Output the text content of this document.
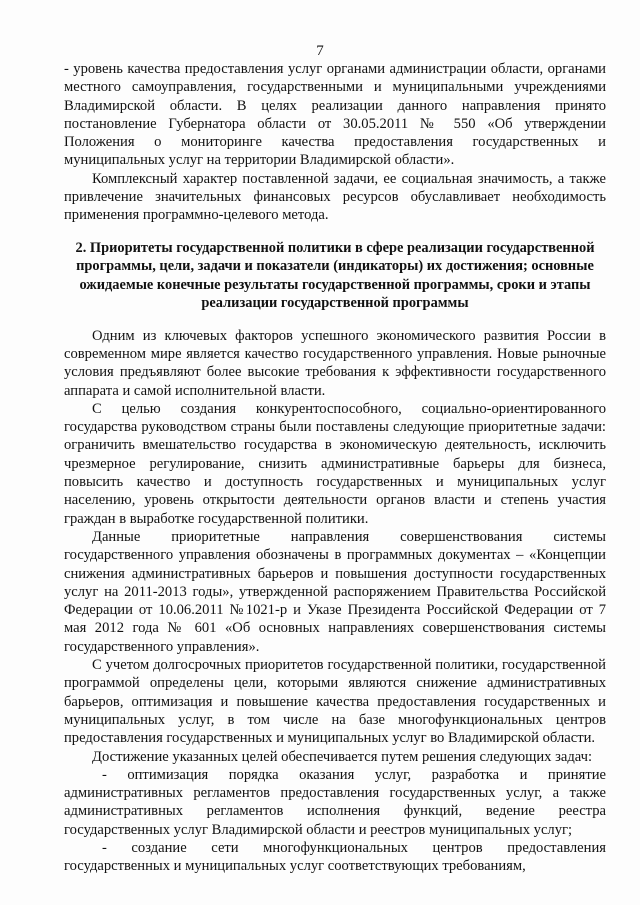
7

- уровень качества предоставления услуг органами администрации области, органами местного самоуправления, государственными и муниципальными учреждениями Владимирской области. В целях реализации данного направления принято постановление Губернатора области от 30.05.2011 № 550 «Об утверждении Положения о мониторинге качества предоставления государственных и муниципальных услуг на территории Владимирской области».

Комплексный характер поставленной задачи, ее социальная значимость, а также привлечение значительных финансовых ресурсов обуславливает необходимость применения программно-целевого метода.

2. Приоритеты государственной политики в сфере реализации государственной программы, цели, задачи и показатели (индикаторы) их достижения; основные ожидаемые конечные результаты государственной программы, сроки и этапы реализации государственной программы

Одним из ключевых факторов успешного экономического развития России в современном мире является качество государственного управления. Новые рыночные условия предъявляют более высокие требования к эффективности государственного аппарата и самой исполнительной власти.

С целью создания конкурентоспособного, социально-ориентированного государства руководством страны были поставлены следующие приоритетные задачи: ограничить вмешательство государства в экономическую деятельность, исключить чрезмерное регулирование, снизить административные барьеры для бизнеса, повысить качество и доступность государственных и муниципальных услуг населению, уровень открытости деятельности органов власти и степень участия граждан в выработке государственной политики.

Данные приоритетные направления совершенствования системы государственного управления обозначены в программных документах – «Концепции снижения административных барьеров и повышения доступности государственных услуг на 2011-2013 годы», утвержденной распоряжением Правительства Российской Федерации от 10.06.2011 №1021-р и Указе Президента Российской Федерации от 7 мая 2012 года № 601 «Об основных направлениях совершенствования системы государственного управления».

С учетом долгосрочных приоритетов государственной политики, государственной программой определены цели, которыми являются снижение административных барьеров, оптимизация и повышение качества предоставления государственных и муниципальных услуг, в том числе на базе многофункциональных центров предоставления государственных и муниципальных услуг во Владимирской области.

Достижение указанных целей обеспечивается путем решения следующих задач:

- оптимизация порядка оказания услуг, разработка и принятие административных регламентов предоставления государственных услуг, а также административных регламентов исполнения функций, ведение реестра государственных услуг Владимирской области и реестров муниципальных услуг;

- создание сети многофункциональных центров предоставления государственных и муниципальных услуг соответствующих требованиям,
